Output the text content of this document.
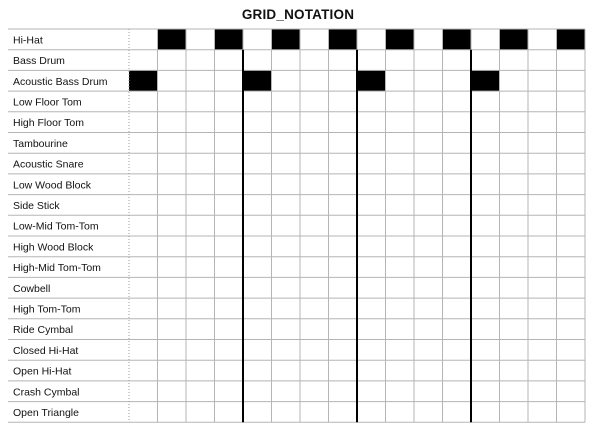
GRID_NOTATION
Hi-Hat
Bass Drum
Acoustic Bass Drum
Low Floor Tom
High Floor Tom
Tambourine
Acoustic Snare
Low Wood Block
Side Stick
Low-Mid Tom-Tom
High Wood Block
High-Mid Tom-Tom
Cowbell
High Tom-Tom
Ride Cymbal
Closed Hi-Hat
Open Hi-Hat
Crash Cymbal
Open Triangle
